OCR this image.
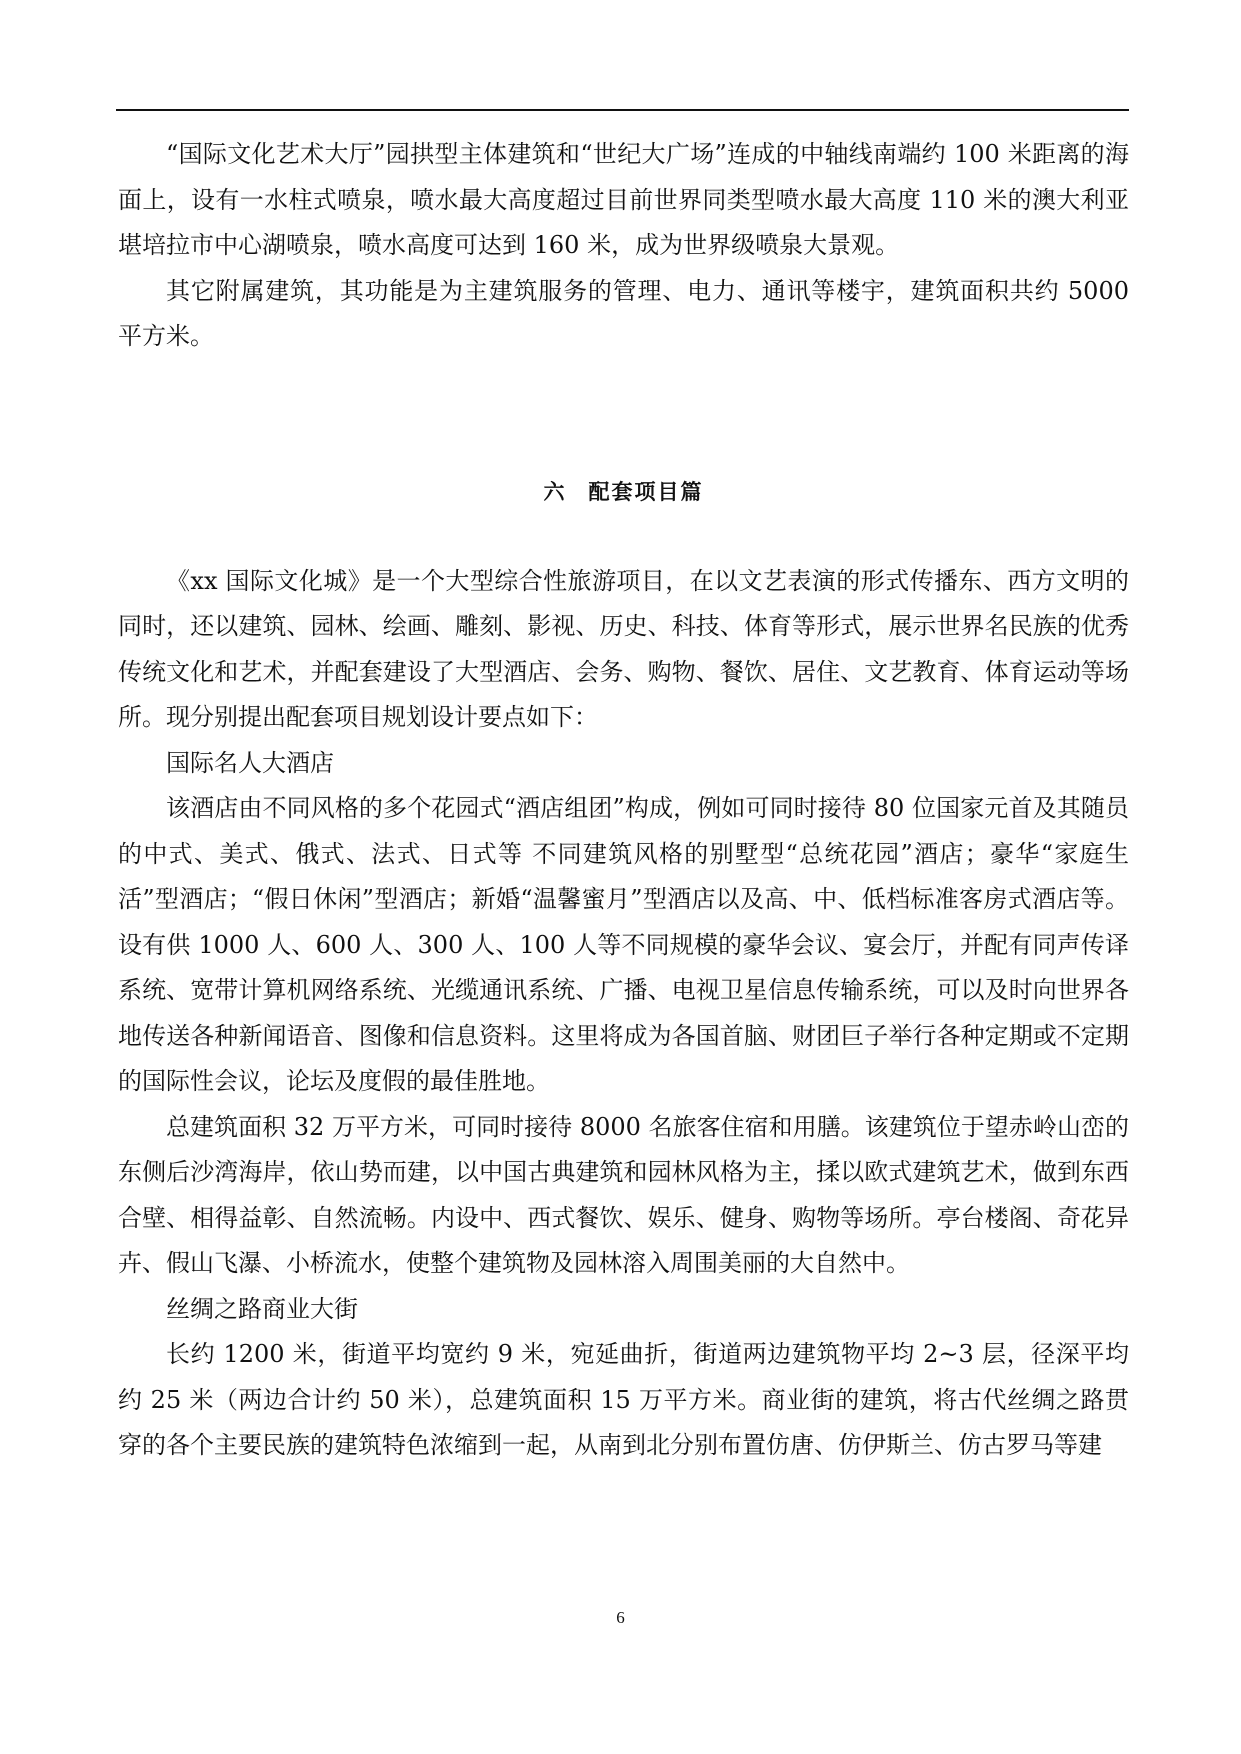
“国际文化艺术大厅”园拱型主体建筑和“世纪大广场”连成的中轴线南端约 100 米距离的海面上，设有一水柱式喷泉，喷水最大高度超过目前世界同类型喷水最大高度 110 米的澳大利亚堪培拉市中心湖喷泉，喷水高度可达到 160 米，成为世界级喷泉大景观。

其它附属建筑，其功能是为主建筑服务的管理、电力、通讯等楼宇，建筑面积共约 5000 平方米。

六 配套项目篇

《xx 国际文化城》是一个大型综合性旅游项目，在以文艺表演的形式传播东、西方文明的同时，还以建筑、园林、绘画、雕刻、影视、历史、科技、体育等形式，展示世界名民族的优秀传统文化和艺术，并配套建设了大型酒店、会务、购物、餐饮、居住、文艺教育、体育运动等场所。现分别提出配套项目规划设计要点如下：

国际名人大酒店

该酒店由不同风格的多个花园式“酒店组团”构成，例如可同时接待 80 位国家元首及其随员的中式、美式、俄式、法式、日式等 不同建筑风格的别墅型“总统花园”酒店；豪华“家庭生活”型酒店；“假日休闲”型酒店；新婚“温馨蜜月”型酒店以及高、中、低档标准客房式酒店等。设有供 1000 人、600 人、300 人、100 人等不同规模的豪华会议、宴会厅，并配有同声传译系统、宽带计算机网络系统、光缆通讯系统、广播、电视卫星信息传输系统，可以及时向世界各地传送各种新闻语音、图像和信息资料。这里将成为各国首脑、财团巨子举行各种定期或不定期的国际性会议，论坛及度假的最佳胜地。

总建筑面积 32 万平方米，可同时接待 8000 名旅客住宿和用膳。该建筑位于望赤岭山峦的东侧后沙湾海岸，依山势而建，以中国古典建筑和园林风格为主，揉以欧式建筑艺术，做到东西合壁、相得益彰、自然流畅。内设中、西式餐饮、娱乐、健身、购物等场所。亭台楼阁、奇花异卉、假山飞瀑、小桥流水，使整个建筑物及园林溶入周围美丽的大自然中。

丝绸之路商业大街

长约 1200 米，街道平均宽约 9 米，宛延曲折，街道两边建筑物平均 2~3 层，径深平均约 25 米（两边合计约 50 米），总建筑面积 15 万平方米。商业街的建筑，将古代丝绸之路贯穿的各个主要民族的建筑特色浓缩到一起，从南到北分别布置仿唐、仿伊斯兰、仿古罗马等建

6
